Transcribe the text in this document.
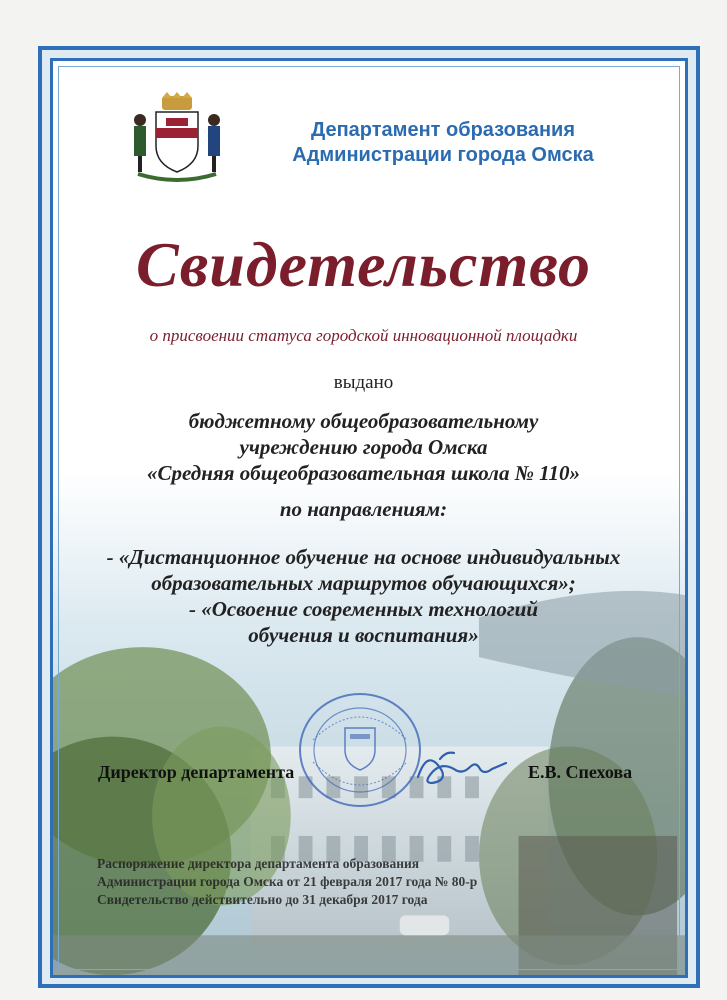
Департамент образования
Администрации города Омска
Свидетельство
о присвоении статуса городской инновационной площадки
выдано
бюджетному общеобразовательному
учреждению города Омска
«Средняя общеобразовательная школа № 110»
по направлениям:
- «Дистанционное обучение на основе индивидуальных
образовательных маршрутов обучающихся»;
- «Освоение современных технологий
обучения и воспитания»
Директор департамента	Е.В. Спехова
Распоряжение директора департамента образования
Администрации города Омска от 21 февраля 2017 года № 80-р
Свидетельство действительно до 31 декабря 2017 года
